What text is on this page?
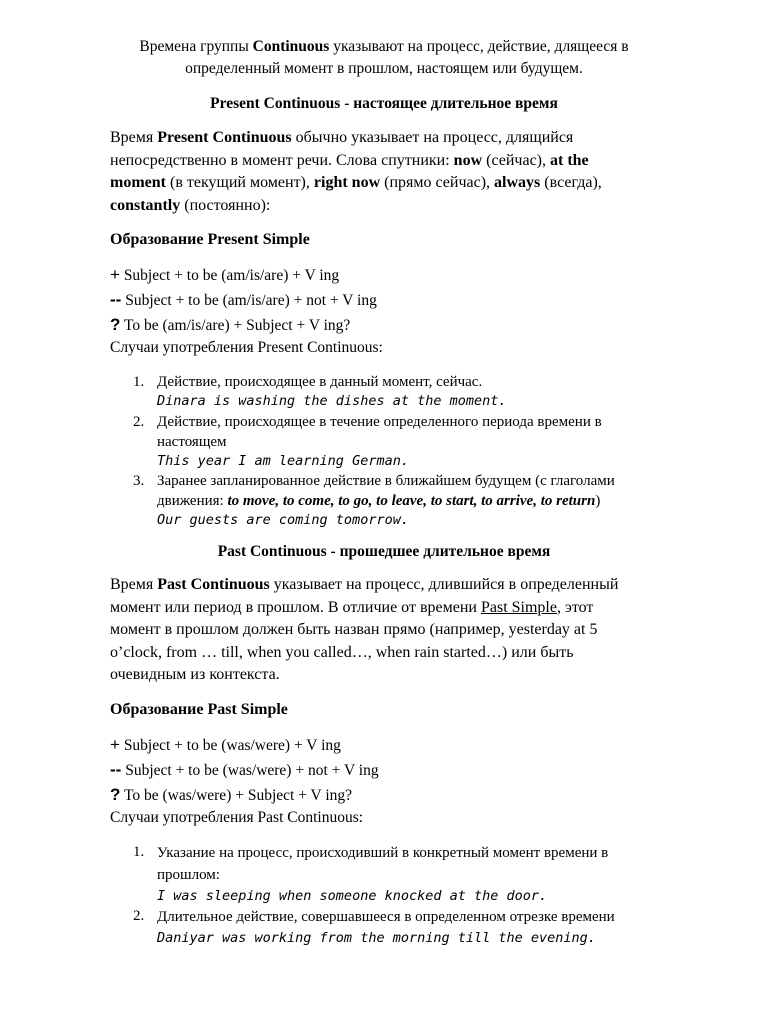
Времена группы Continuous указывают на процесс, действие, длящееся в
определенный момент в прошлом, настоящем или будущем.
Present Continuous - настоящее длительное время
Время Present Continuous обычно указывает на процесс, длящийся
непосредственно в момент речи. Слова спутники: now (сейчас), at the
moment (в текущий момент), right now (прямо сейчас), always (всегда),
constantly (постоянно):
Образование Present Simple
+ Subject + to be (am/is/are) + V ing
-- Subject + to be (am/is/are) + not + V ing
? To be (am/is/are) + Subject + V ing?
Случаи употребления Present Continuous:
1. Действие, происходящее в данный момент, сейчас.
Dinara is washing the dishes at the moment.
2. Действие, происходящее в течение определенного периода времени в
настоящем
This year I am learning German.
3. Заранее запланированное действие в ближайшем будущем (с глаголами
движения: to move, to come, to go, to leave, to start, to arrive, to return)
Our guests are coming tomorrow.
Past Continuous - прошедшее длительное время
Время Past Continuous указывает на процесс, длившийся в определенный
момент или период в прошлом. В отличие от времени Past Simple, этот
момент в прошлом должен быть назван прямо (например, yesterday at 5
o’clock, from … till, when you called…, when rain started…) или быть
очевидным из контекста.
Образование Past Simple
+ Subject + to be (was/were) + V ing
-- Subject + to be (was/were) + not + V ing
? To be (was/were) + Subject + V ing?
Случаи употребления Past Continuous:
1. Указание на процесс, происходивший в конкретный момент времени в
прошлом:
I was sleeping when someone knocked at the door.
2. Длительное действие, совершавшееся в определенном отрезке времени
Daniyar was working from the morning till the evening.
